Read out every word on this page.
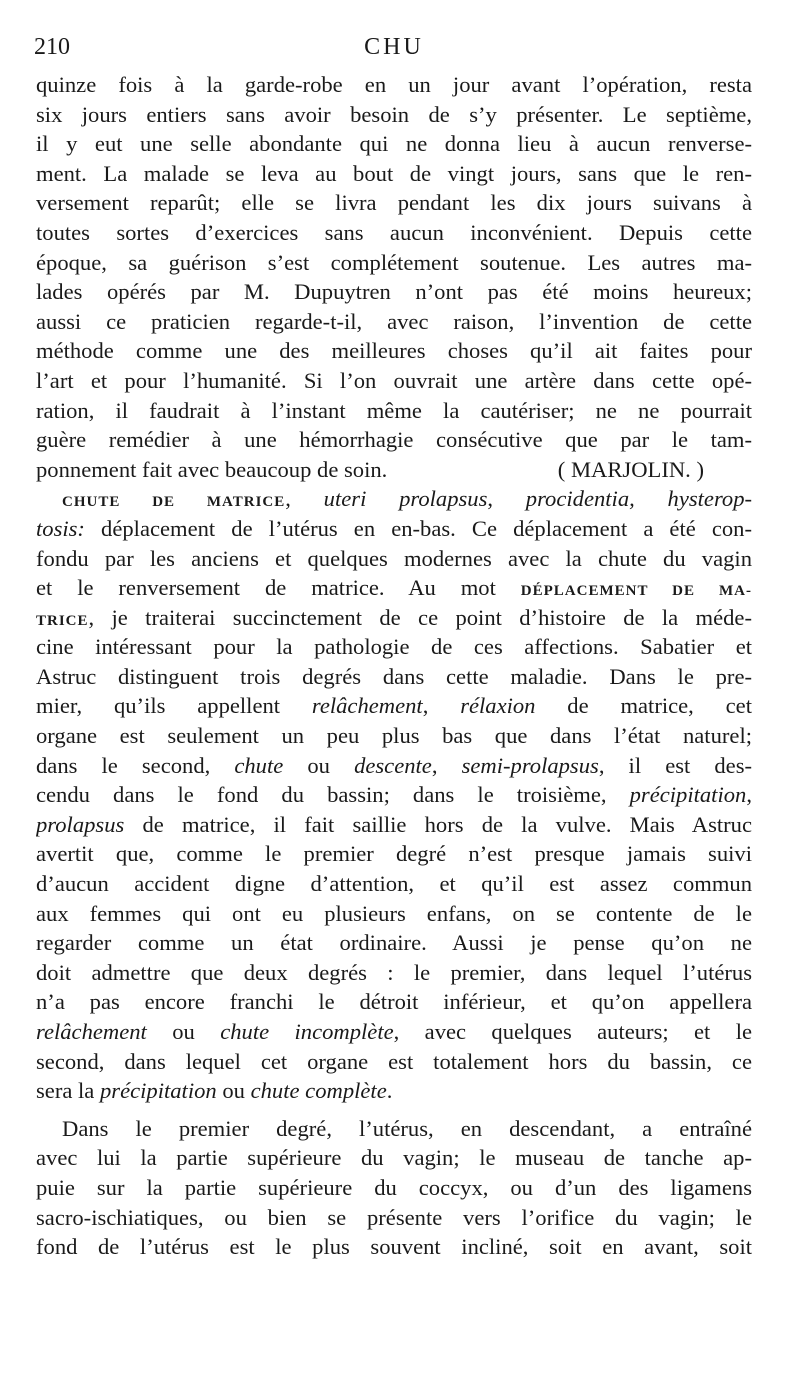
210	CHU
quinze fois à la garde-robe en un jour avant l’opération, resta
six jours entiers sans avoir besoin de s’y présenter. Le septième,
il y eut une selle abondante qui ne donna lieu à aucun renverse-
ment. La malade se leva au bout de vingt jours, sans que le ren-
versement reparût; elle se livra pendant les dix jours suivans à
toutes sortes d’exercices sans aucun inconvénient. Depuis cette
époque, sa guérison s’est complétement soutenue. Les autres ma-
lades opérés par M. Dupuytren n’ont pas été moins heureux;
aussi ce praticien regarde-t-il, avec raison, l’invention de cette
méthode comme une des meilleures choses qu’il ait faites pour
l’art et pour l’humanité. Si l’on ouvrait une artère dans cette opé-
ration, il faudrait à l’instant même la cautériser; ne ne pourrait
guère remédier à une hémorrhagie consécutive que par le tam-
ponnement fait avec beaucoup de soin.	( MARJOLIN. )
CHUTE DE MATRICE, uteri prolapsus, procidentia, hysterop-
tosis: déplacement de l’utérus en en-bas. Ce déplacement a été con-
fondu par les anciens et quelques modernes avec la chute du vagin
et le renversement de matrice. Au mot DÉPLACEMENT DE MA-
TRICE, je traiterai succinctement de ce point d’histoire de la méde-
cine intéressant pour la pathologie de ces affections. Sabatier et
Astruc distinguent trois degrés dans cette maladie. Dans le pre-
mier, qu’ils appellent relâchement, rélaxion de matrice, cet
organe est seulement un peu plus bas que dans l’état naturel;
dans le second, chute ou descente, semi-prolapsus, il est des-
cendu dans le fond du bassin; dans le troisième, précipitation,
prolapsus de matrice, il fait saillie hors de la vulve. Mais Astruc
avertit que, comme le premier degré n’est presque jamais suivi
d’aucun accident digne d’attention, et qu’il est assez commun
aux femmes qui ont eu plusieurs enfans, on se contente de le
regarder comme un état ordinaire. Aussi je pense qu’on ne
doit admettre que deux degrés : le premier, dans lequel l’utérus
n’a pas encore franchi le détroit inférieur, et qu’on appellera
relâchement ou chute incomplète, avec quelques auteurs; et le
second, dans lequel cet organe est totalement hors du bassin, ce
sera la précipitation ou chute complète.
Dans le premier degré, l’utérus, en descendant, a entraîné
avec lui la partie supérieure du vagin; le museau de tanche ap-
puie sur la partie supérieure du coccyx, ou d’un des ligamens
sacro-ischiatiques, ou bien se présente vers l’orifice du vagin; le
fond de l’utérus est le plus souvent incliné, soit en avant, soit
